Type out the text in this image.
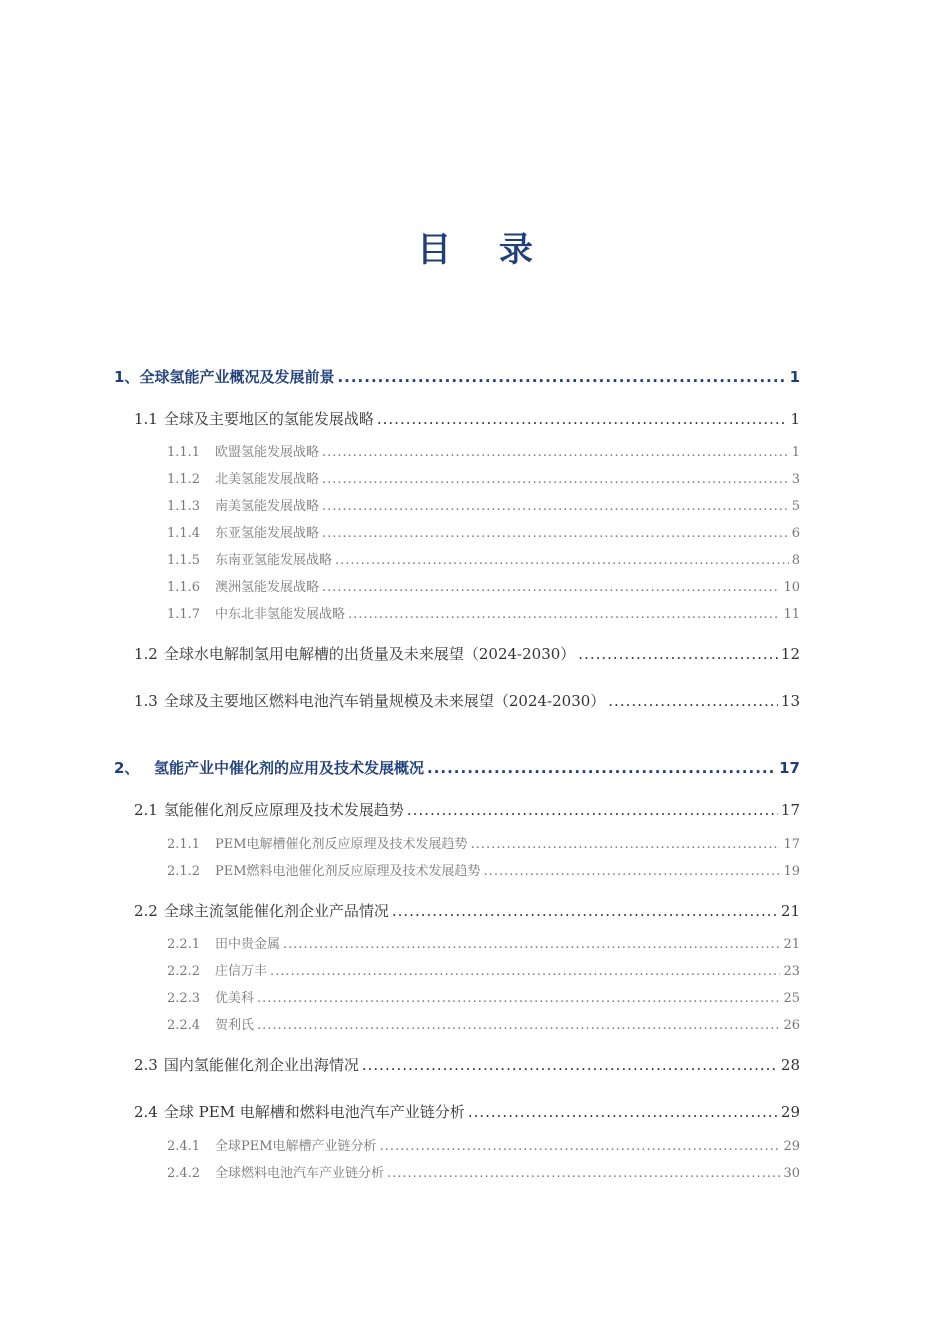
目 录
1、 全球氢能产业概况及发展前景 .....	1
1.1 全球及主要地区的氢能发展战略 .....	1
1.1.1	欧盟氢能发展战略 .....	1
1.1.2	北美氢能发展战略 .....	3
1.1.3	南美氢能发展战略 .....	5
1.1.4	东亚氢能发展战略 .....	6
1.1.5	东南亚氢能发展战略 .....	8
1.1.6	澳洲氢能发展战略 .....	10
1.1.7	中东北非氢能发展战略 .....	11
1.2 全球水电解制氢用电解槽的出货量及未来展望（2024-2030） .....	12
1.3 全球及主要地区燃料电池汽车销量规模及未来展望（2024-2030） .....	13
2、 氢能产业中催化剂的应用及技术发展概况 .....	17
2.1 氢能催化剂反应原理及技术发展趋势 .....	17
2.1.1	PEM电解槽催化剂反应原理及技术发展趋势 .....	17
2.1.2	PEM燃料电池催化剂反应原理及技术发展趋势 .....	19
2.2 全球主流氢能催化剂企业产品情况 .....	21
2.2.1	田中贵金属 .....	21
2.2.2	庄信万丰 .....	23
2.2.3	优美科 .....	25
2.2.4	贺利氏 .....	26
2.3 国内氢能催化剂企业出海情况 .....	28
2.4 全球 PEM 电解槽和燃料电池汽车产业链分析 .....	29
2.4.1	全球PEM电解槽产业链分析 .....	29
2.4.2	全球燃料电池汽车产业链分析 .....	30
